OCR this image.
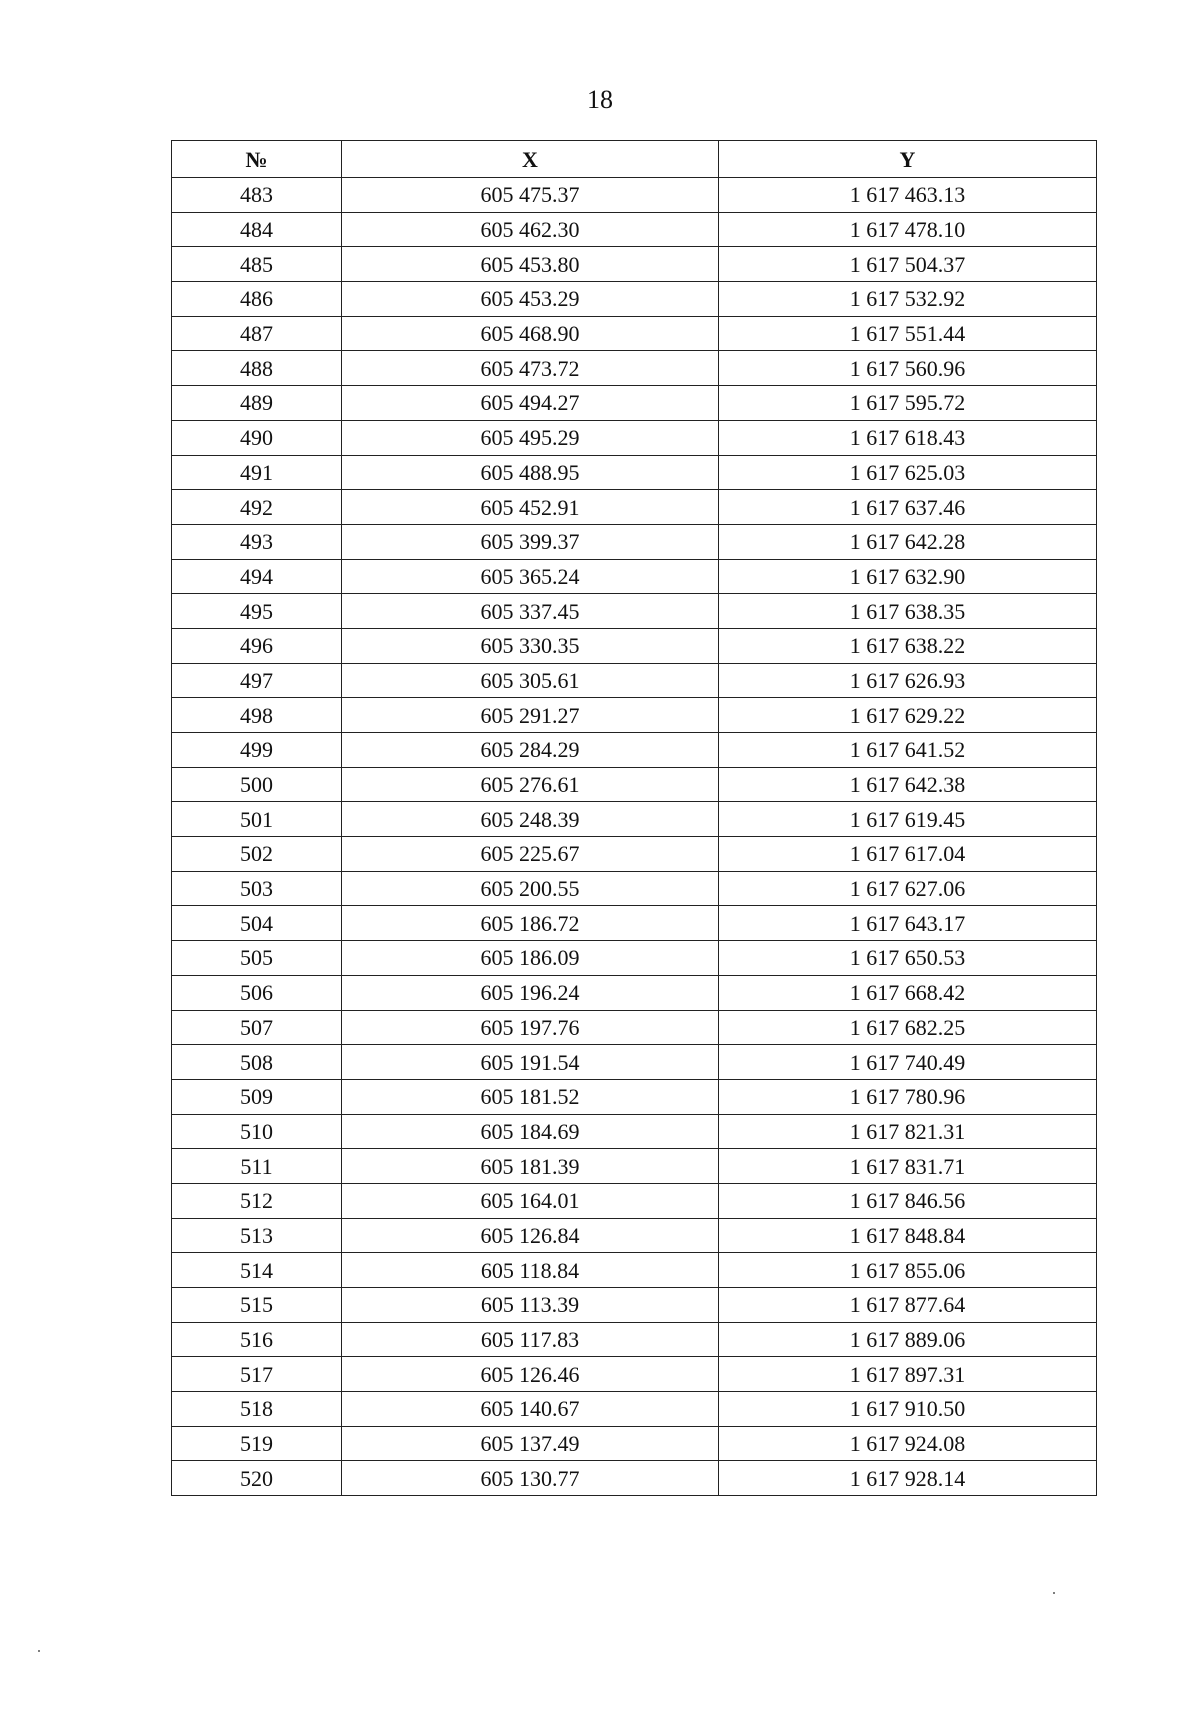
18
№	X	Y
483	605 475.37	1 617 463.13
484	605 462.30	1 617 478.10
485	605 453.80	1 617 504.37
486	605 453.29	1 617 532.92
487	605 468.90	1 617 551.44
488	605 473.72	1 617 560.96
489	605 494.27	1 617 595.72
490	605 495.29	1 617 618.43
491	605 488.95	1 617 625.03
492	605 452.91	1 617 637.46
493	605 399.37	1 617 642.28
494	605 365.24	1 617 632.90
495	605 337.45	1 617 638.35
496	605 330.35	1 617 638.22
497	605 305.61	1 617 626.93
498	605 291.27	1 617 629.22
499	605 284.29	1 617 641.52
500	605 276.61	1 617 642.38
501	605 248.39	1 617 619.45
502	605 225.67	1 617 617.04
503	605 200.55	1 617 627.06
504	605 186.72	1 617 643.17
505	605 186.09	1 617 650.53
506	605 196.24	1 617 668.42
507	605 197.76	1 617 682.25
508	605 191.54	1 617 740.49
509	605 181.52	1 617 780.96
510	605 184.69	1 617 821.31
511	605 181.39	1 617 831.71
512	605 164.01	1 617 846.56
513	605 126.84	1 617 848.84
514	605 118.84	1 617 855.06
515	605 113.39	1 617 877.64
516	605 117.83	1 617 889.06
517	605 126.46	1 617 897.31
518	605 140.67	1 617 910.50
519	605 137.49	1 617 924.08
520	605 130.77	1 617 928.14
